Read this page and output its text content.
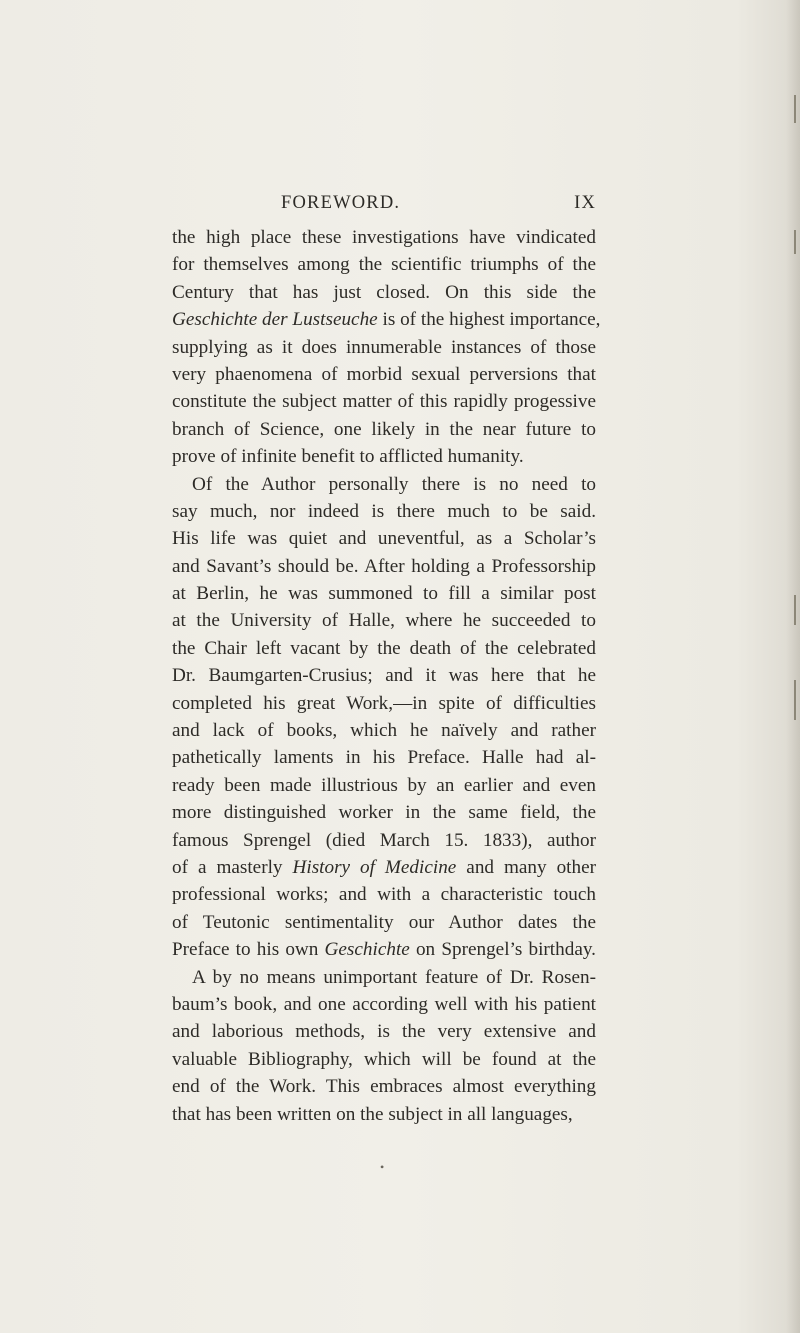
FOREWORD.	IX
the high place these investigations have vindicated
for themselves among the scientific triumphs of the
Century that has just closed. On this side the
Geschichte der Lustseuche is of the highest importance,
supplying as it does innumerable instances of those
very phaenomena of morbid sexual perversions that
constitute the subject matter of this rapidly progessive
branch of Science, one likely in the near future to
prove of infinite benefit to afflicted humanity.
Of the Author personally there is no need to
say much, nor indeed is there much to be said.
His life was quiet and uneventful, as a Scholar’s
and Savant’s should be. After holding a Professorship
at Berlin, he was summoned to fill a similar post
at the University of Halle, where he succeeded to
the Chair left vacant by the death of the celebrated
Dr. Baumgarten-Crusius; and it was here that he
completed his great Work,—in spite of difficulties
and lack of books, which he naïvely and rather
pathetically laments in his Preface. Halle had al-
ready been made illustrious by an earlier and even
more distinguished worker in the same field, the
famous Sprengel (died March 15. 1833), author
of a masterly History of Medicine and many other
professional works; and with a characteristic touch
of Teutonic sentimentality our Author dates the
Preface to his own Geschichte on Sprengel’s birthday.
A by no means unimportant feature of Dr. Rosen-
baum’s book, and one according well with his patient
and laborious methods, is the very extensive and
valuable Bibliography, which will be found at the
end of the Work. This embraces almost everything
that has been written on the subject in all languages,
•
